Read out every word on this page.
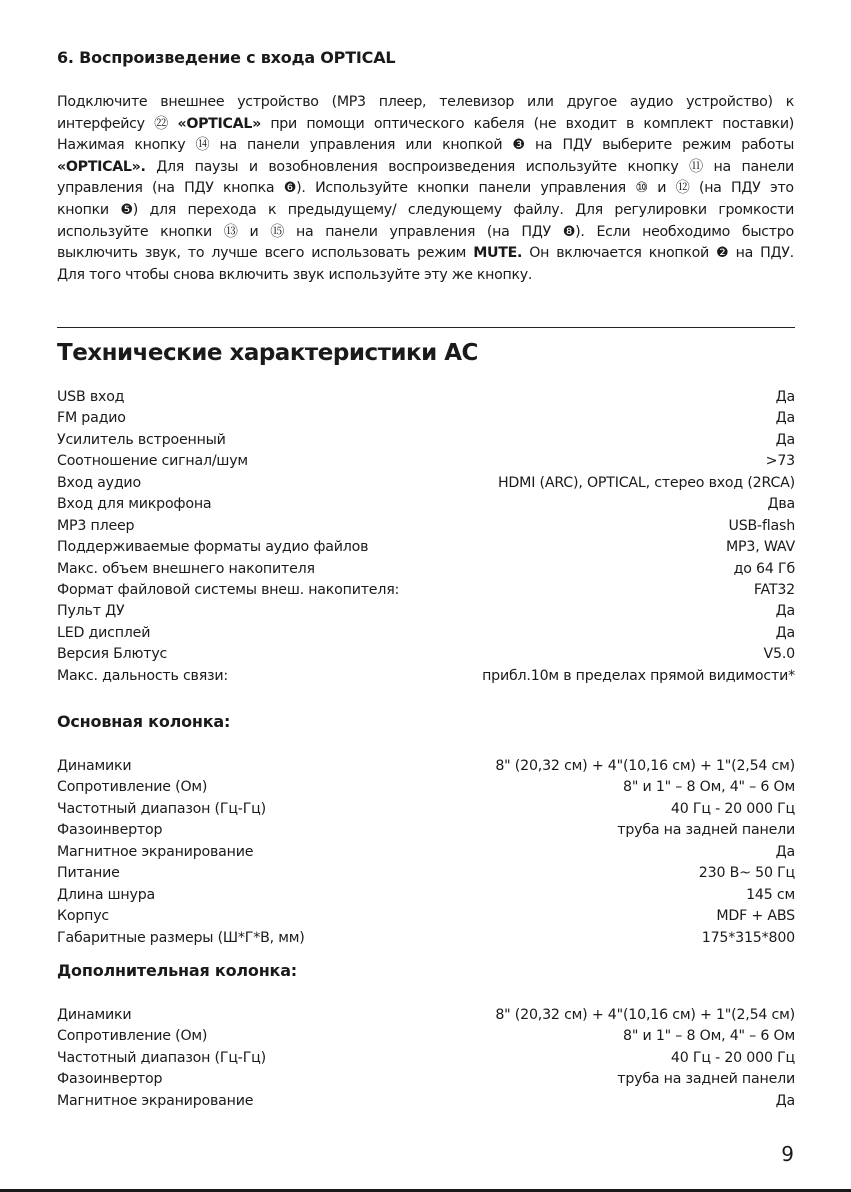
6. Воспроизведение с входа OPTICAL
Подключите внешнее устройство (MP3 плеер, телевизор или другое аудио устройство) к
интерфейсу ㉒ «OPTICAL» при помощи оптического кабеля (не входит в комплект поставки)
Нажимая кнопку ⑭ на панели управления или кнопкой ❸ на ПДУ выберите режим работы
«OPTICAL». Для паузы и возобновления воспроизведения используйте кнопку ⑪ на панели
управления (на ПДУ кнопка ❻). Используйте кнопки панели управления ⑩ и ⑫ (на ПДУ это
кнопки ❺) для перехода к предыдущему/ следующему файлу. Для регулировки громкости
используйте кнопки ⑬ и ⑮ на панели управления (на ПДУ ❽). Если необходимо быстро
выключить звук, то лучше всего использовать режим MUTE. Он включается кнопкой ❷ на ПДУ.
Для того чтобы снова включить звук используйте эту же кнопку.
Технические характеристики АС
USB вход	Да
FM радио	Да
Усилитель встроенный	Да
Соотношение сигнал/шум	>73
Вход аудио	HDMI (ARC), OPTICAL, стерео вход (2RCA)
Вход для микрофона	Два
MP3 плеер	USB-flash
Поддерживаемые форматы аудио файлов	MP3, WAV
Макс. объем внешнего накопителя	до 64 Гб
Формат файловой системы внеш. накопителя:	FAT32
Пульт ДУ	Да
LED дисплей	Да
Версия Блютус	V5.0
Макс. дальность связи:	прибл.10м в пределах прямой видимости*
Основная колонка:
Динамики	8" (20,32 см) + 4"(10,16 см) + 1"(2,54 см)
Сопротивление (Ом)	8" и 1" – 8 Ом, 4" – 6 Ом
Частотный диапазон (Гц-Гц)	40 Гц - 20 000 Гц
Фазоинвертор	труба на задней панели
Магнитное экранирование	Да
Питание	230 В~ 50 Гц
Длина шнура	145 см
Корпус	MDF + ABS
Габаритные размеры (Ш*Г*В, мм)	175*315*800
Дополнительная колонка:
Динамики	8" (20,32 см) + 4"(10,16 см) + 1"(2,54 см)
Сопротивление (Ом)	8" и 1" – 8 Ом, 4" – 6 Ом
Частотный диапазон (Гц-Гц)	40 Гц - 20 000 Гц
Фазоинвертор	труба на задней панели
Магнитное экранирование	Да
9
